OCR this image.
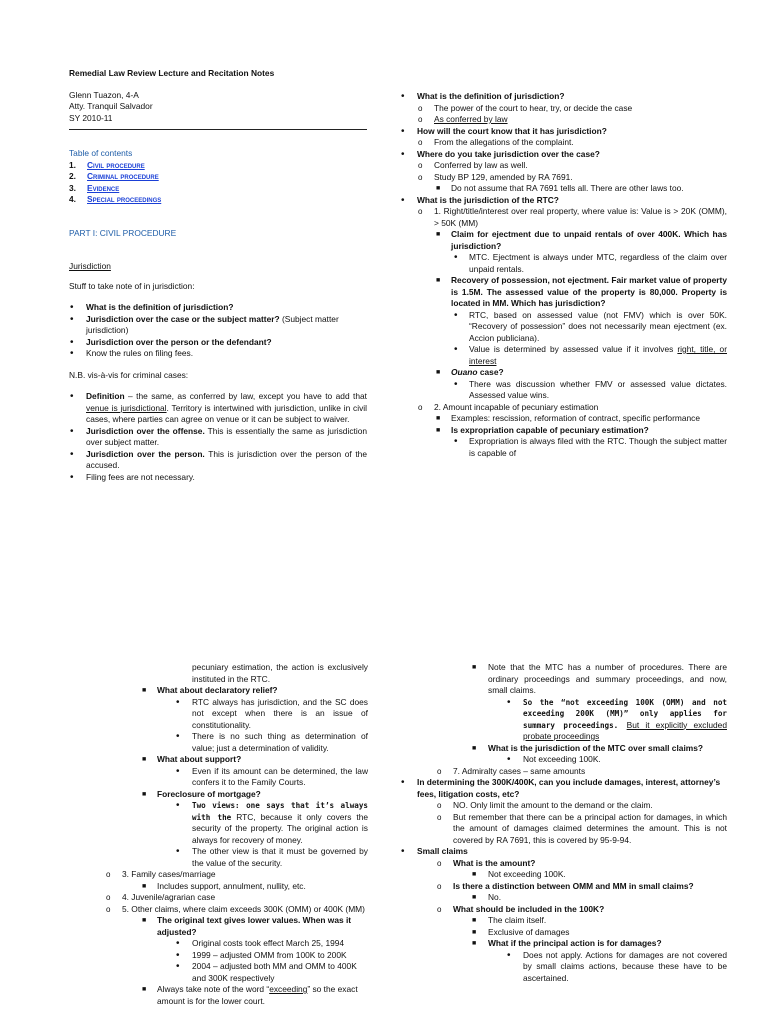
Remedial Law Review Lecture and Recitation Notes

Glenn Tuazon, 4-A

Atty. Tranquil Salvador

SY 2010-11

Table of contents

1. Civil procedure

2. Criminal procedure

3. Evidence

4. Special proceedings

PART I: CIVIL PROCEDURE

Jurisdiction

Stuff to take note of in jurisdiction:

• What is the definition of jurisdiction?
• Jurisdiction over the case or the subject matter? (Subject matter jurisdiction)
• Jurisdiction over the person or the defendant?
• Know the rules on filing fees.

N.B. vis-à-vis for criminal cases:

• Definition – the same, as conferred by law, except you have to add that venue is jurisdictional. Territory is intertwined with jurisdiction, unlike in civil cases, where parties can agree on venue or it can be subject to waiver.
• Jurisdiction over the offense. This is essentially the same as jurisdiction over subject matter.
• Jurisdiction over the person. This is jurisdiction over the person of the accused.
• Filing fees are not necessary.
• What is the definition of jurisdiction?
o The power of the court to hear, try, or decide the case
o As conferred by law
• How will the court know that it has jurisdiction?
o From the allegations of the complaint.
• Where do you take jurisdiction over the case?
o Conferred by law as well.
o Study BP 129, amended by RA 7691.
■ Do not assume that RA 7691 tells all. There are other laws too.
• What is the jurisdiction of the RTC?
o 1. Right/title/interest over real property, where value is: Value is > 20K (OMM), > 50K (MM)
■ Claim for ejectment due to unpaid rentals of over 400K. Which has jurisdiction?
• MTC. Ejectment is always under MTC, regardless of the claim over unpaid rentals.
■ Recovery of possession, not ejectment. Fair market value of property is 1.5M. The assessed value of the property is 80,000. Property is located in MM. Which has jurisdiction?
• RTC, based on assessed value (not FMV) which is over 50K. “Recovery of possession” does not necessarily mean ejectment (ex. Accion publiciana).
• Value is determined by assessed value if it involves right, title, or interest
■ Ouano case?
• There was discussion whether FMV or assessed value dictates. Assessed value wins.
o 2. Amount incapable of pecuniary estimation
■ Examples: rescission, reformation of contract, specific performance
■ Is expropriation capable of pecuniary estimation?
• Expropriation is always filed with the RTC. Though the subject matter is capable of
pecuniary estimation, the action is exclusively instituted in the RTC.
■ What about declaratory relief?
• RTC always has jurisdiction, and the SC does not except when there is an issue of constitutionality.
• There is no such thing as determination of value; just a determination of validity.
■ What about support?
• Even if its amount can be determined, the law confers it to the Family Courts.
■ Foreclosure of mortgage?
• Two views: one says that it’s always with the RTC, because it only covers the security of the property. The original action is always for recovery of money.
• The other view is that it must be governed by the value of the security.
o 3. Family cases/marriage
■ Includes support, annulment, nullity, etc.
o 4. Juvenile/agrarian case
o 5. Other claims, where claim exceeds 300K (OMM) or 400K (MM)
■ The original text gives lower values. When was it adjusted?
• Original costs took effect March 25, 1994
• 1999 – adjusted OMM from 100K to 200K
• 2004 – adjusted both MM and OMM to 400K and 300K respectively
■ Always take note of the word “exceeding” so the exact amount is for the lower court.
■ Note that the MTC has a number of procedures. There are ordinary proceedings and summary proceedings, and now, small claims.
• So the “not exceeding 100K (OMM) and not exceeding 200K (MM)” only applies for summary proceedings. But it explicitly excluded probate proceedings
■ What is the jurisdiction of the MTC over small claims?
• Not exceeding 100K.
o 7. Admiralty cases – same amounts
• In determining the 300K/400K, can you include damages, interest, attorney’s fees, litigation costs, etc?
o NO. Only limit the amount to the demand or the claim.
o But remember that there can be a principal action for damages, in which the amount of damages claimed determines the amount. This is not covered by RA 7691, this is covered by 95-9-94.
• Small claims
o What is the amount?
■ Not exceeding 100K.
o Is there a distinction between OMM and MM in small claims?
■ No.
o What should be included in the 100K?
■ The claim itself.
■ Exclusive of damages
■ What if the principal action is for damages?
• Does not apply. Actions for damages are not covered by small claims actions, because these have to be ascertained.
